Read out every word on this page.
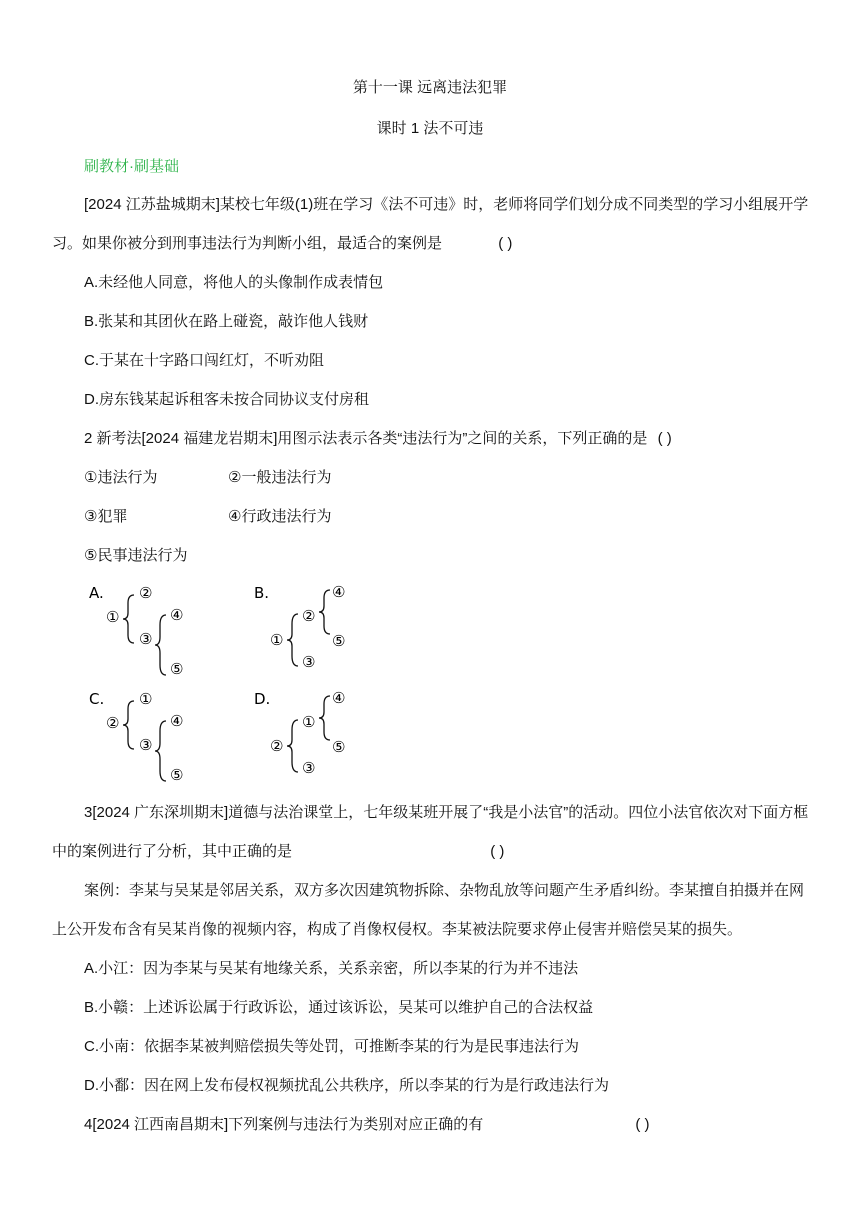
第十一课 远离违法犯罪
课时 1 法不可违
刷教材·刷基础
[2024 江苏盐城期末]某校七年级(1)班在学习《法不可违》时，老师将同学们划分成不同类型的学习小组展开学
习。如果你被分到刑事违法行为判断小组，最适合的案例是	( )
A.未经他人同意，将他人的头像制作成表情包
B.张某和其团伙在路上碰瓷，敲诈他人钱财
C.于某在十字路口闯红灯，不听劝阻
D.房东钱某起诉租客未按合同协议支付房租
2 新考法[2024 福建龙岩期末]用图示法表示各类“违法行为”之间的关系，下列正确的是 ( )
①违法行为	②一般违法行为
③犯罪	④行政违法行为
⑤民事违法行为
A.
①
②
③
④
⑤
B.
①
②
③
④
⑤
C.
②
①
③
④
⑤
D.
②
①
③
④
⑤
3[2024 广东深圳期末]道德与法治课堂上，七年级某班开展了“我是小法官”的活动。四位小法官依次对下面方框
中的案例进行了分析，其中正确的是	( )
案例：李某与吴某是邻居关系，双方多次因建筑物拆除、杂物乱放等问题产生矛盾纠纷。李某擅自拍摄并在网
上公开发布含有吴某肖像的视频内容，构成了肖像权侵权。李某被法院要求停止侵害并赔偿吴某的损失。
A.小江：因为李某与吴某有地缘关系，关系亲密，所以李某的行为并不违法
B.小赣：上述诉讼属于行政诉讼，通过该诉讼，吴某可以维护自己的合法权益
C.小南：依据李某被判赔偿损失等处罚，可推断李某的行为是民事违法行为
D.小鄱：因在网上发布侵权视频扰乱公共秩序，所以李某的行为是行政违法行为
4[2024 江西南昌期末]下列案例与违法行为类别对应正确的有	( )
